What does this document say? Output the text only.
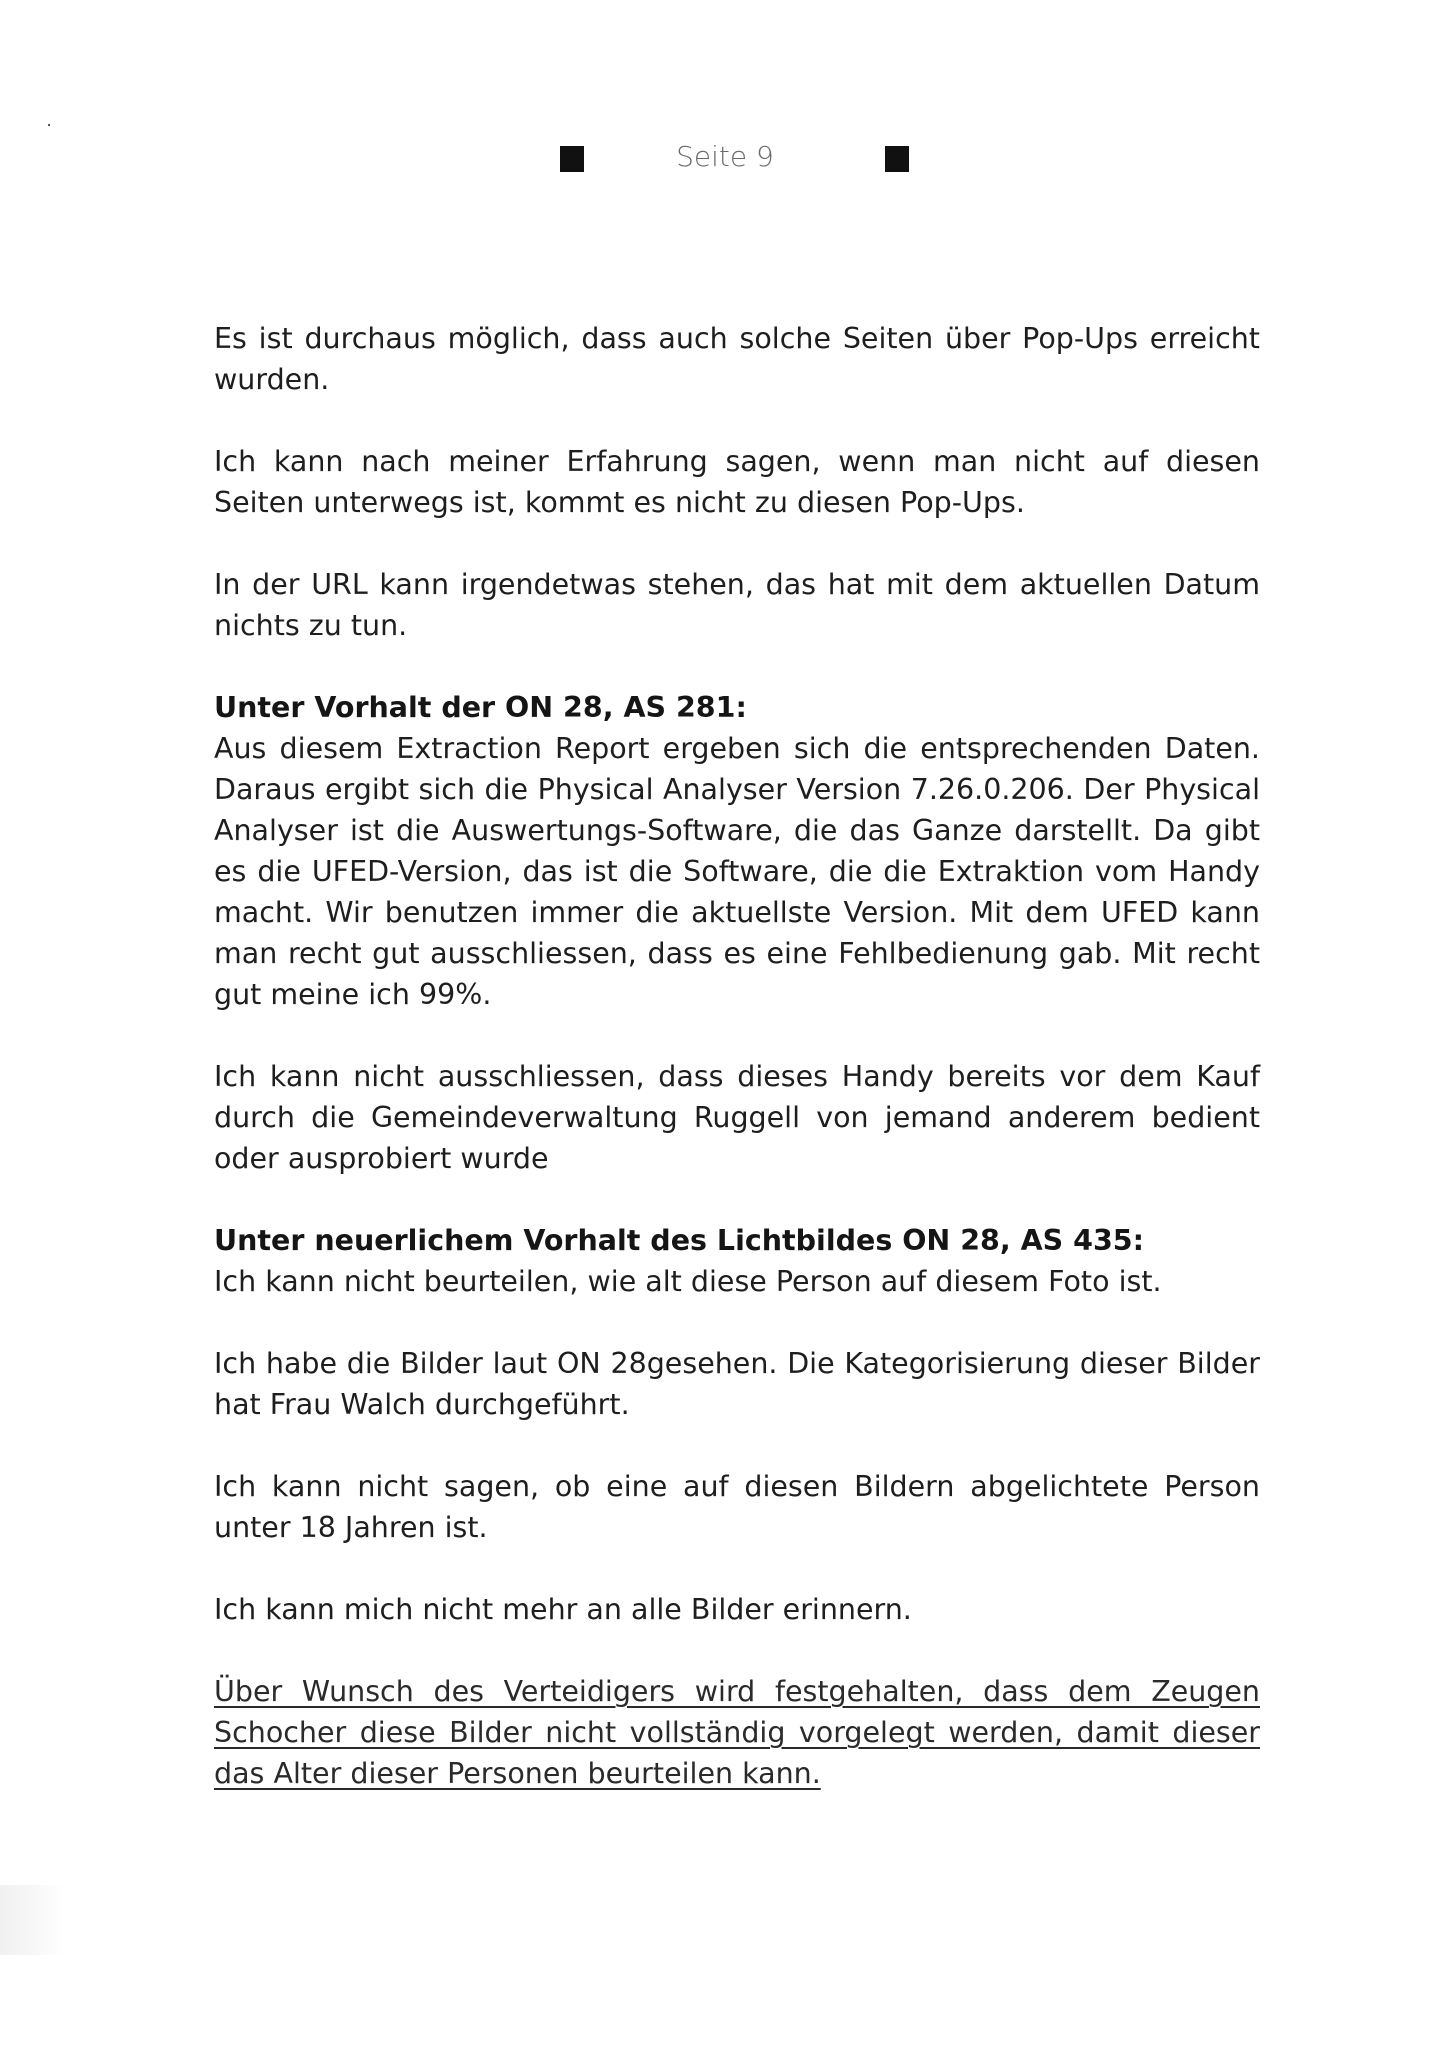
Seite 9

Es ist durchaus möglich, dass auch solche Seiten über Pop-Ups erreicht wurden.

Ich kann nach meiner Erfahrung sagen, wenn man nicht auf diesen Seiten unterwegs ist, kommt es nicht zu diesen Pop-Ups.

In der URL kann irgendetwas stehen, das hat mit dem aktuellen Datum nichts zu tun.

Unter Vorhalt der ON 28, AS 281:
Aus diesem Extraction Report ergeben sich die entsprechenden Daten. Daraus ergibt sich die Physical Analyser Version 7.26.0.206. Der Physical Analyser ist die Auswertungs-Software, die das Ganze darstellt. Da gibt es die UFED-Version, das ist die Software, die die Extraktion vom Handy macht. Wir benutzen immer die aktuellste Version. Mit dem UFED kann man recht gut ausschliessen, dass es eine Fehlbedienung gab. Mit recht gut meine ich 99%.

Ich kann nicht ausschliessen, dass dieses Handy bereits vor dem Kauf durch die Gemeindeverwaltung Ruggell von jemand anderem bedient oder ausprobiert wurde

Unter neuerlichem Vorhalt des Lichtbildes ON 28, AS 435:
Ich kann nicht beurteilen, wie alt diese Person auf diesem Foto ist.

Ich habe die Bilder laut ON 28gesehen. Die Kategorisierung dieser Bilder hat Frau Walch durchgeführt.

Ich kann nicht sagen, ob eine auf diesen Bildern abgelichtete Person unter 18 Jahren ist.

Ich kann mich nicht mehr an alle Bilder erinnern.

Über Wunsch des Verteidigers wird festgehalten, dass dem Zeugen Schocher diese Bilder nicht vollständig vorgelegt werden, damit dieser das Alter dieser Personen beurteilen kann.
